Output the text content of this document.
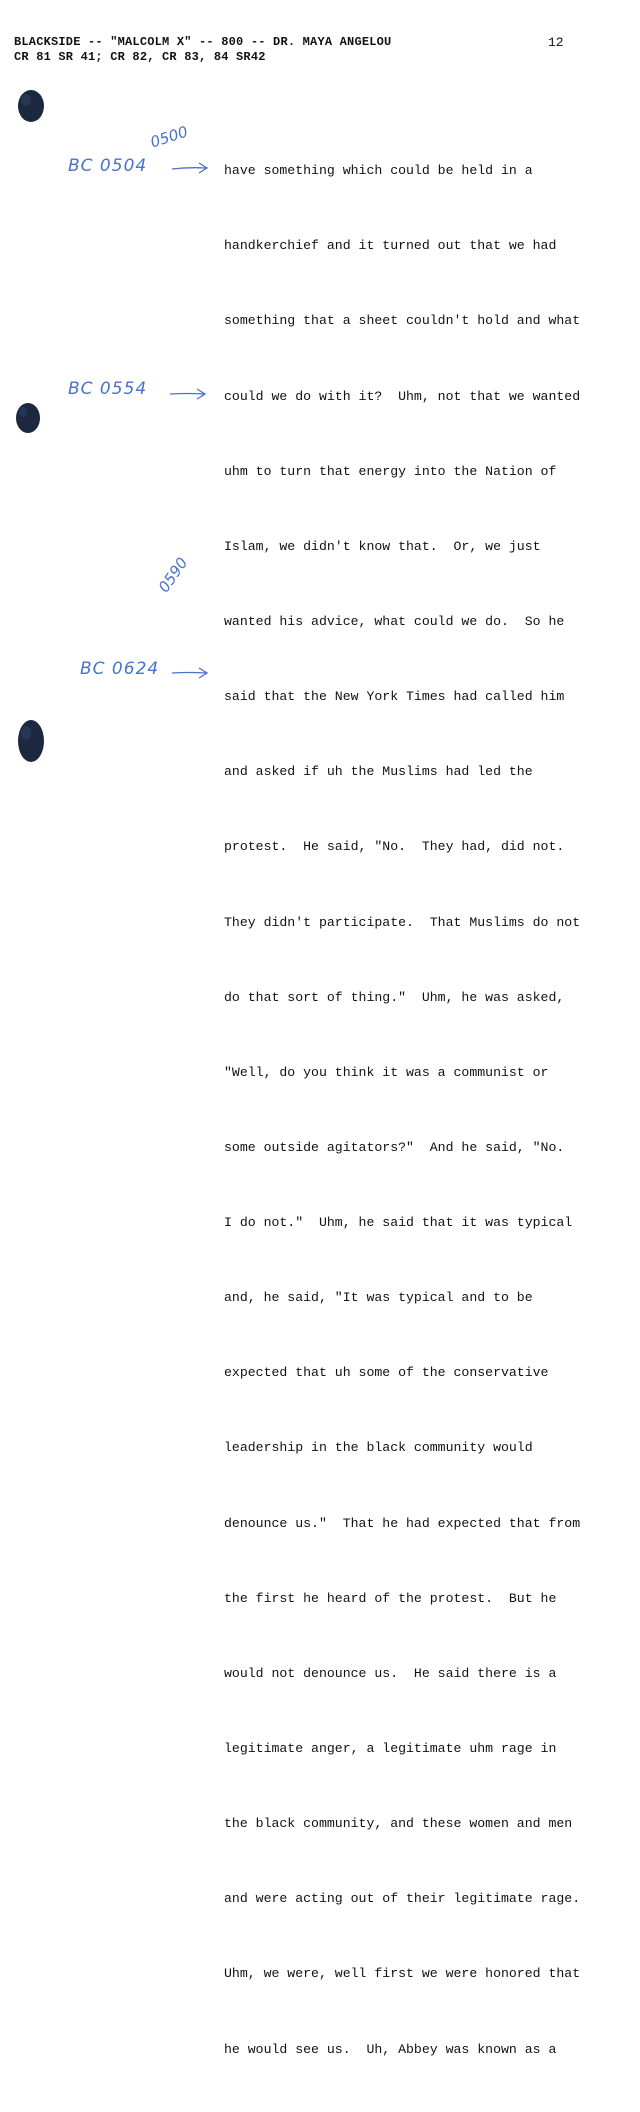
BLACKSIDE -- "MALCOLM X" -- 800 -- DR. MAYA ANGELOU
CR 81 SR 41; CR 82, CR 83, 84 SR42
12
0500
BC 0504
BC 0554
0590
BC 0624

have something which could be held in a

handkerchief and it turned out that we had

something that a sheet couldn't hold and what

could we do with it?  Uhm, not that we wanted

uhm to turn that energy into the Nation of

Islam, we didn't know that.  Or, we just

wanted his advice, what could we do.  So he

said that the New York Times had called him

and asked if uh the Muslims had led the

protest.  He said, "No.  They had, did not.

They didn't participate.  That Muslims do not

do that sort of thing."  Uhm, he was asked,

"Well, do you think it was a communist or

some outside agitators?"  And he said, "No.

I do not."  Uhm, he said that it was typical

and, he said, "It was typical and to be

expected that uh some of the conservative

leadership in the black community would

denounce us."  That he had expected that from

the first he heard of the protest.  But he

would not denounce us.  He said there is a

legitimate anger, a legitimate uhm rage in

the black community, and these women and men

and were acting out of their legitimate rage.

Uhm, we were, well first we were honored that

he would see us.  Uh, Abbey was known as a
